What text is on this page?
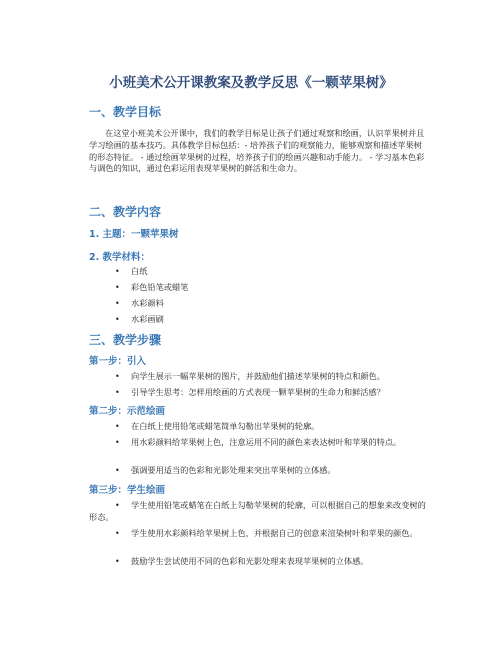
小班美术公开课教案及教学反思《一颗苹果树》
一、教学目标

在这堂小班美术公开课中，我们的教学目标是让孩子们通过观察和绘画，认识苹果树并且学习绘画的基本技巧。具体教学目标包括：- 培养孩子们的观察能力，能够观察和描述苹果树的形态特征。 - 通过绘画苹果树的过程，培养孩子们的绘画兴趣和动手能力。 - 学习基本色彩与调色的知识，通过色彩运用表现苹果树的鲜活和生命力。

二、教学内容
1. 主题：一颗苹果树
2. 教学材料：
• 白纸
• 彩色铅笔或蜡笔
• 水彩颜料
• 水彩画刷
三、教学步骤
第一步：引入
• 向学生展示一幅苹果树的图片，并鼓励他们描述苹果树的特点和颜色。
• 引导学生思考：怎样用绘画的方式表现一颗苹果树的生命力和鲜活感？
第二步：示范绘画
• 在白纸上使用铅笔或蜡笔简单勾勒出苹果树的轮廓。
• 用水彩颜料给苹果树上色，注意运用不同的颜色来表达树叶和苹果的特点。
• 强调要用适当的色彩和光影处理来突出苹果树的立体感。
第三步：学生绘画
• 学生使用铅笔或蜡笔在白纸上勾勒苹果树的轮廓，可以根据自己的想象来改变树的形态。
• 学生使用水彩颜料给苹果树上色，并根据自己的创意来渲染树叶和苹果的颜色。
• 鼓励学生尝试使用不同的色彩和光影处理来表现苹果树的立体感。
